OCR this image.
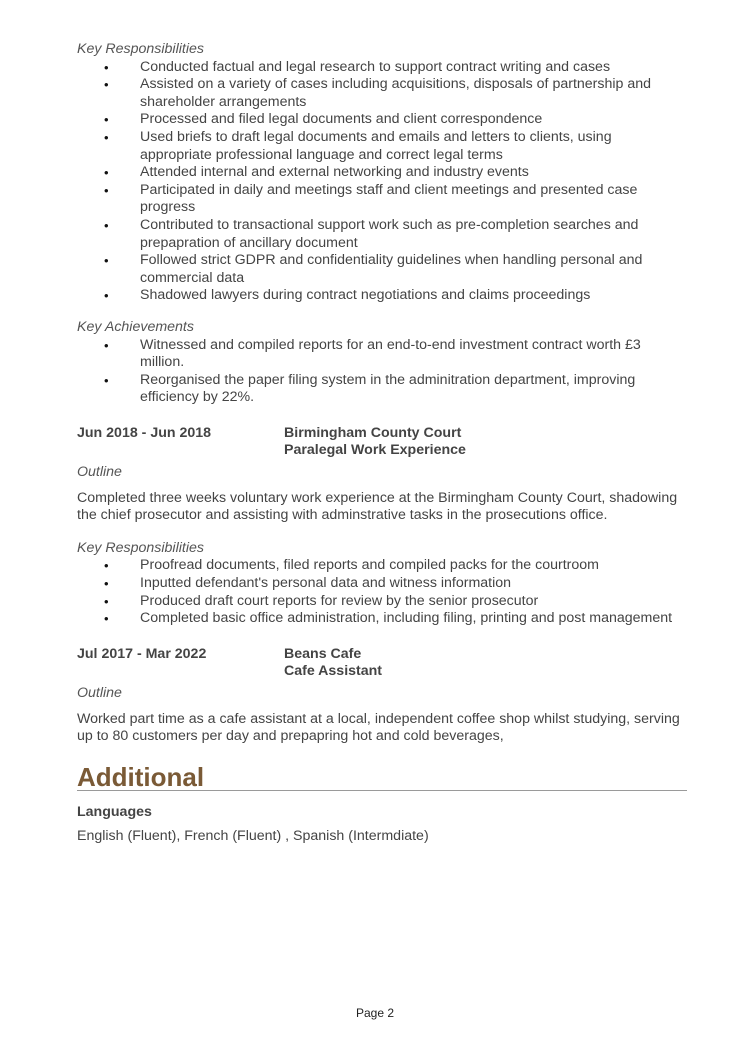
Key Responsibilities

• Conducted factual and legal research to support contract writing and cases
• Assisted on a variety of cases including acquisitions, disposals of partnership and shareholder arrangements
• Processed and filed legal documents and client correspondence
• Used briefs to draft legal documents and emails and letters to clients, using appropriate professional language and correct legal terms
• Attended internal and external networking and industry events
• Participated in daily and meetings staff and client meetings and presented case progress
• Contributed to transactional support work such as pre-completion searches and prepapration of ancillary document
• Followed strict GDPR and confidentiality guidelines when handling personal and commercial data
• Shadowed lawyers during contract negotiations and claims proceedings

Key Achievements

• Witnessed and compiled reports for an end-to-end investment contract worth £3 million.
• Reorganised the paper filing system in the adminitration department, improving efficiency by 22%.
Jun 2018 - Jun 2018	Birmingham County Court
Paralegal Work Experience

Outline

Completed three weeks voluntary work experience at the Birmingham County Court, shadowing the chief prosecutor and assisting with adminstrative tasks in the prosecutions office.

Key Responsibilities

• Proofread documents, filed reports and compiled packs for the courtroom
• Inputted defendant's personal data and witness information
• Produced draft court reports for review by the senior prosecutor
• Completed basic office administration, including filing, printing and post management
Jul 2017 - Mar 2022	Beans Cafe
Cafe Assistant

Outline

Worked part time as a cafe assistant at a local, independent coffee shop whilst studying, serving up to 80 customers per day and prepapring hot and cold beverages,

Additional

Languages

English (Fluent), French (Fluent) , Spanish (Intermdiate)

Page 2
